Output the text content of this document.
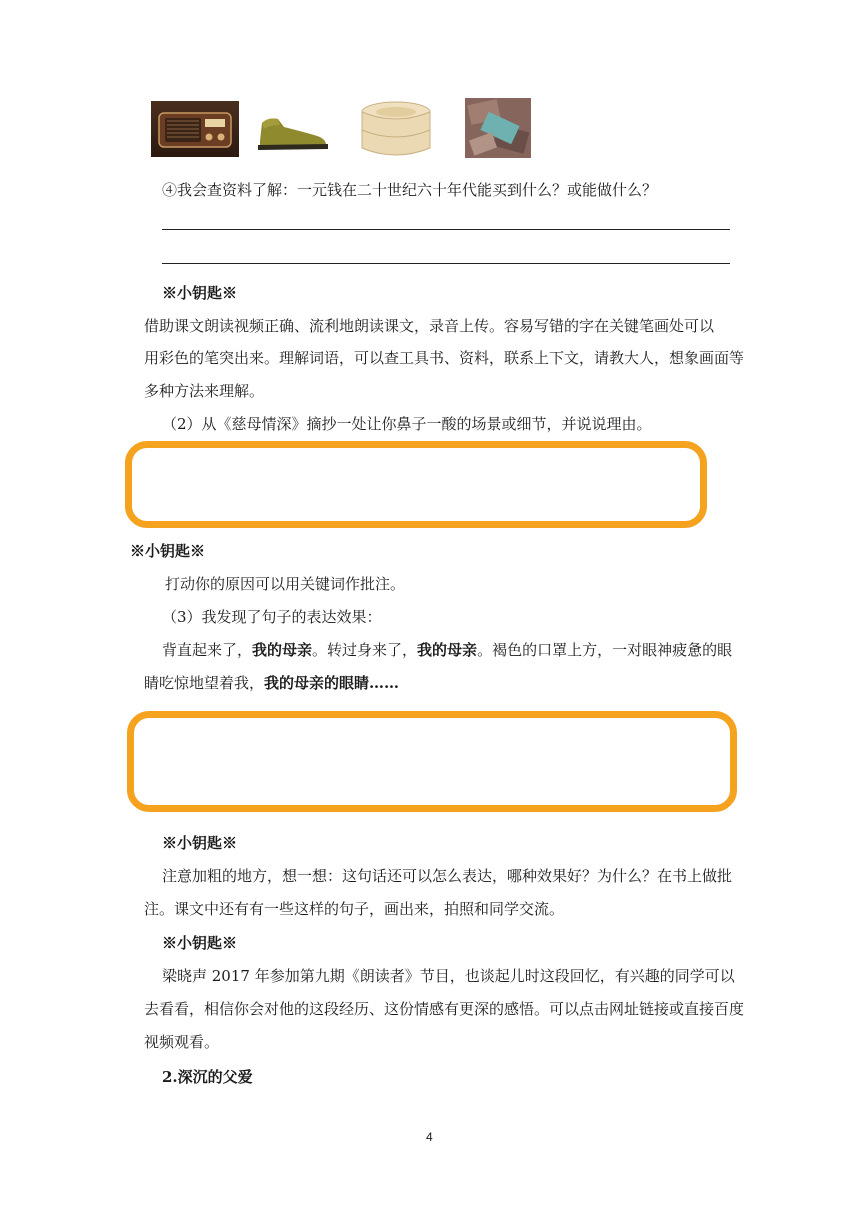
④我会查资料了解：一元钱在二十世纪六十年代能买到什么？或能做什么？
※小钥匙※
借助课文朗读视频正确、流利地朗读课文，录音上传。容易写错的字在关键笔画处可以
用彩色的笔突出来。理解词语，可以查工具书、资料，联系上下文，请教大人，想象画面等
多种方法来理解。
（2）从《慈母情深》摘抄一处让你鼻子一酸的场景或细节，并说说理由。
※小钥匙※
打动你的原因可以用关键词作批注。
（3）我发现了句子的表达效果：
背直起来了，我的母亲。转过身来了，我的母亲。褐色的口罩上方，一对眼神疲惫的眼
睛吃惊地望着我，我的母亲的眼睛……
※小钥匙※
注意加粗的地方，想一想：这句话还可以怎么表达，哪种效果好？为什么？在书上做批
注。课文中还有有一些这样的句子，画出来，拍照和同学交流。
※小钥匙※
梁晓声 2017 年参加第九期《朗读者》节目，也谈起儿时这段回忆，有兴趣的同学可以
去看看，相信你会对他的这段经历、这份情感有更深的感悟。可以点击网址链接或直接百度
视频观看。
2.深沉的父爱
4
